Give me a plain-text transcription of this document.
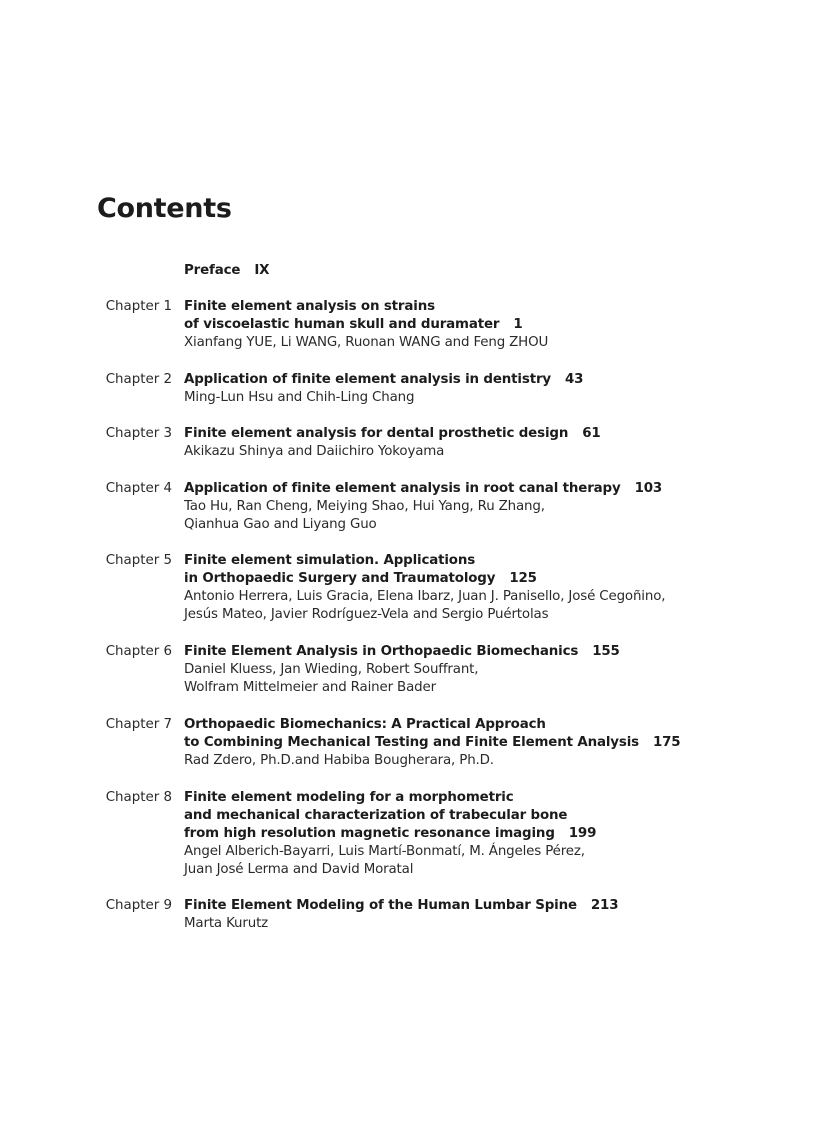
Contents
Preface IX
Chapter 1 Finite element analysis on strains
of viscoelastic human skull and duramater 1
Xianfang YUE, Li WANG, Ruonan WANG and Feng ZHOU
Chapter 2 Application of finite element analysis in dentistry 43
Ming-Lun Hsu and Chih-Ling Chang
Chapter 3 Finite element analysis for dental prosthetic design 61
Akikazu Shinya and Daiichiro Yokoyama
Chapter 4 Application of finite element analysis in root canal therapy 103
Tao Hu, Ran Cheng, Meiying Shao, Hui Yang, Ru Zhang,
Qianhua Gao and Liyang Guo
Chapter 5 Finite element simulation. Applications
in Orthopaedic Surgery and Traumatology 125
Antonio Herrera, Luis Gracia, Elena Ibarz, Juan J. Panisello, José Cegoñino,
Jesús Mateo, Javier Rodríguez-Vela and Sergio Puértolas
Chapter 6 Finite Element Analysis in Orthopaedic Biomechanics 155
Daniel Kluess, Jan Wieding, Robert Souffrant,
Wolfram Mittelmeier and Rainer Bader
Chapter 7 Orthopaedic Biomechanics: A Practical Approach
to Combining Mechanical Testing and Finite Element Analysis 175
Rad Zdero, Ph.D.and Habiba Bougherara, Ph.D.
Chapter 8 Finite element modeling for a morphometric
and mechanical characterization of trabecular bone
from high resolution magnetic resonance imaging 199
Angel Alberich-Bayarri, Luis Martí-Bonmatí, M. Ángeles Pérez,
Juan José Lerma and David Moratal
Chapter 9 Finite Element Modeling of the Human Lumbar Spine 213
Marta Kurutz
